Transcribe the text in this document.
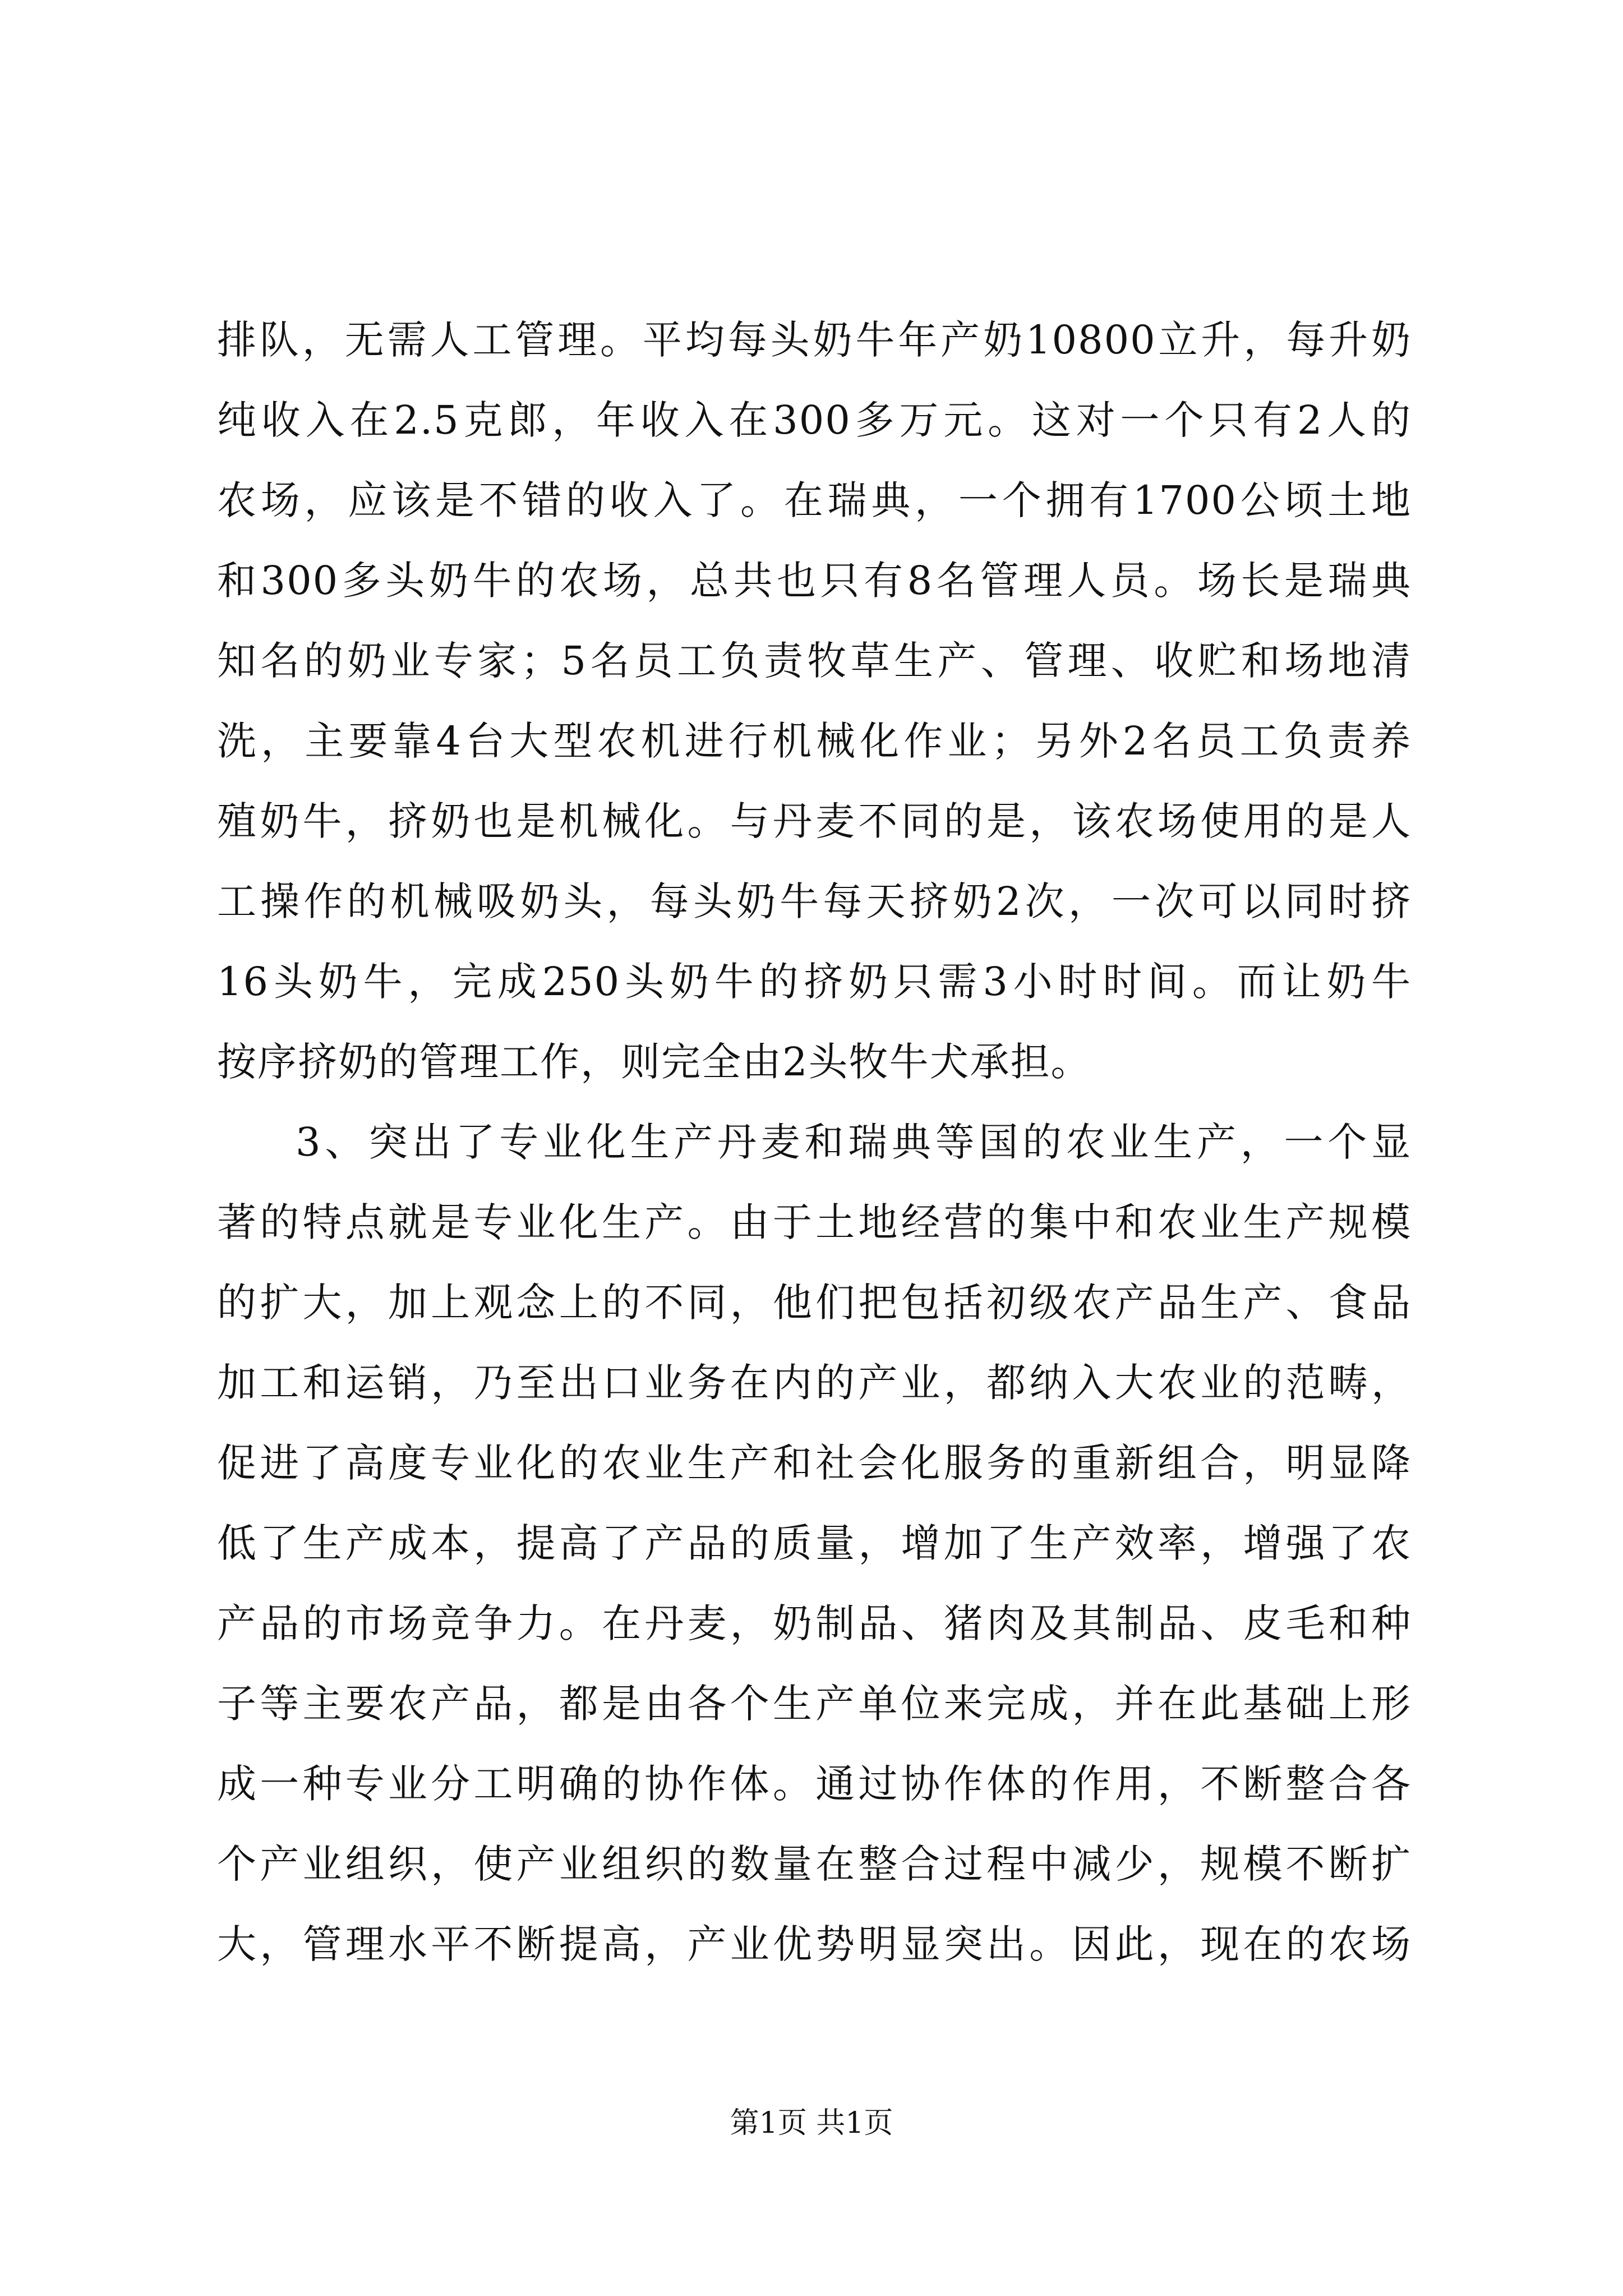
排队，无需人工管理。平均每头奶牛年产奶10800立升，每升奶
纯收入在2.5克郎，年收入在300多万元。这对一个只有2人的
农场，应该是不错的收入了。在瑞典，一个拥有1700公顷土地
和300多头奶牛的农场，总共也只有8名管理人员。场长是瑞典
知名的奶业专家；5名员工负责牧草生产、管理、收贮和场地清
洗，主要靠4台大型农机进行机械化作业；另外2名员工负责养
殖奶牛，挤奶也是机械化。与丹麦不同的是，该农场使用的是人
工操作的机械吸奶头，每头奶牛每天挤奶2次，一次可以同时挤
16头奶牛，完成250头奶牛的挤奶只需3小时时间。而让奶牛
按序挤奶的管理工作，则完全由2头牧牛犬承担。
3、突出了专业化生产丹麦和瑞典等国的农业生产，一个显
著的特点就是专业化生产。由于土地经营的集中和农业生产规模
的扩大，加上观念上的不同，他们把包括初级农产品生产、食品
加工和运销，乃至出口业务在内的产业，都纳入大农业的范畴，
促进了高度专业化的农业生产和社会化服务的重新组合，明显降
低了生产成本，提高了产品的质量，增加了生产效率，增强了农
产品的市场竞争力。在丹麦，奶制品、猪肉及其制品、皮毛和种
子等主要农产品，都是由各个生产单位来完成，并在此基础上形
成一种专业分工明确的协作体。通过协作体的作用，不断整合各
个产业组织，使产业组织的数量在整合过程中减少，规模不断扩
大，管理水平不断提高，产业优势明显突出。因此，现在的农场
第1页 共1页
